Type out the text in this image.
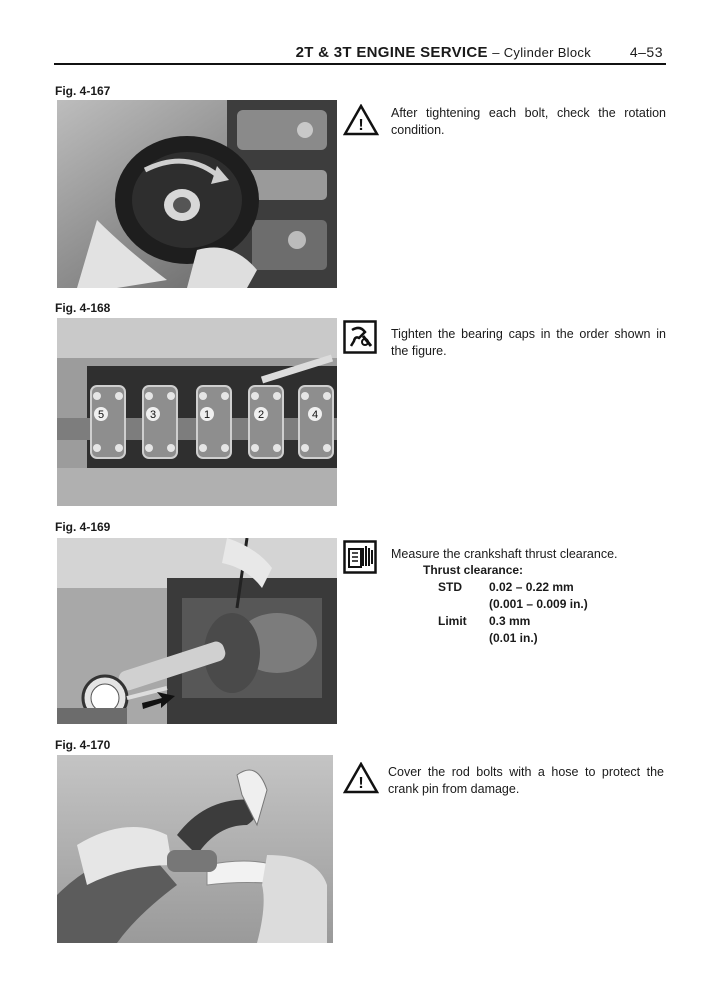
2T & 3T ENGINE SERVICE – Cylinder Block	4–53
Fig. 4-167
!
After tightening each bolt, check the rotation condition.
Fig. 4-168
5	3	1	2	4
Tighten the bearing caps in the order shown in the figure.
Fig. 4-169
Measure the crankshaft thrust clearance.
Thrust clearance:
STD 0.02 – 0.22 mm
(0.001 – 0.009 in.)
Limit 0.3 mm
(0.01 in.)
Fig. 4-170
!
Cover the rod bolts with a hose to protect the crank pin from damage.
